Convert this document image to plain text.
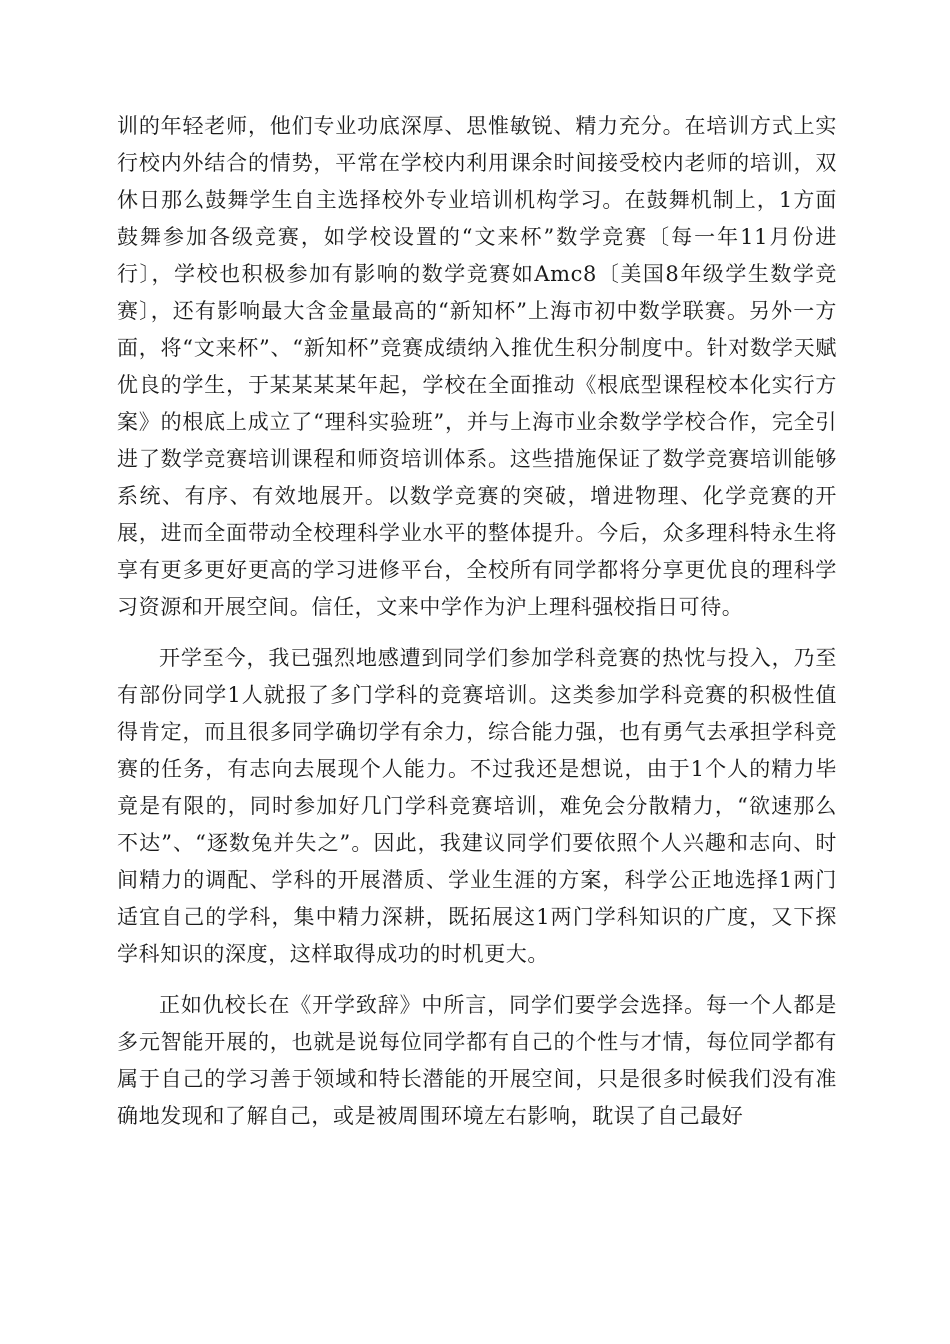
训的年轻老师，他们专业功底深厚、思惟敏锐、精力充分。在培训方式上实行校内外结合的情势，平常在学校内利用课余时间接受校内老师的培训，双休日那么鼓舞学生自主选择校外专业培训机构学习。在鼓舞机制上，1方面鼓舞参加各级竞赛，如学校设置的“文来杯”数学竞赛〔每一年11月份进行〕，学校也积极参加有影响的数学竞赛如Amc8〔美国8年级学生数学竞赛〕，还有影响最大含金量最高的“新知杯”上海市初中数学联赛。另外一方面，将“文来杯”、“新知杯”竞赛成绩纳入推优生积分制度中。针对数学天赋优良的学生，于某某某某年起，学校在全面推动《根底型课程校本化实行方案》的根底上成立了“理科实验班”，并与上海市业余数学学校合作，完全引进了数学竞赛培训课程和师资培训体系。这些措施保证了数学竞赛培训能够系统、有序、有效地展开。以数学竞赛的突破，增进物理、化学竞赛的开展，进而全面带动全校理科学业水平的整体提升。今后，众多理科特永生将享有更多更好更高的学习进修平台，全校所有同学都将分享更优良的理科学习资源和开展空间。信任，文来中学作为沪上理科强校指日可待。

开学至今，我已强烈地感遭到同学们参加学科竞赛的热忱与投入，乃至有部份同学1人就报了多门学科的竞赛培训。这类参加学科竞赛的积极性值得肯定，而且很多同学确切学有余力，综合能力强，也有勇气去承担学科竞赛的任务，有志向去展现个人能力。不过我还是想说，由于1个人的精力毕竟是有限的，同时参加好几门学科竞赛培训，难免会分散精力，“欲速那么不达”、“逐数兔并失之”。因此，我建议同学们要依照个人兴趣和志向、时间精力的调配、学科的开展潜质、学业生涯的方案，科学公正地选择1两门适宜自己的学科，集中精力深耕，既拓展这1两门学科知识的广度，又下探学科知识的深度，这样取得成功的时机更大。

正如仇校长在《开学致辞》中所言，同学们要学会选择。每一个人都是多元智能开展的，也就是说每位同学都有自己的个性与才情，每位同学都有属于自己的学习善于领域和特长潜能的开展空间，只是很多时候我们没有准确地发现和了解自己，或是被周围环境左右影响，耽误了自己最好
